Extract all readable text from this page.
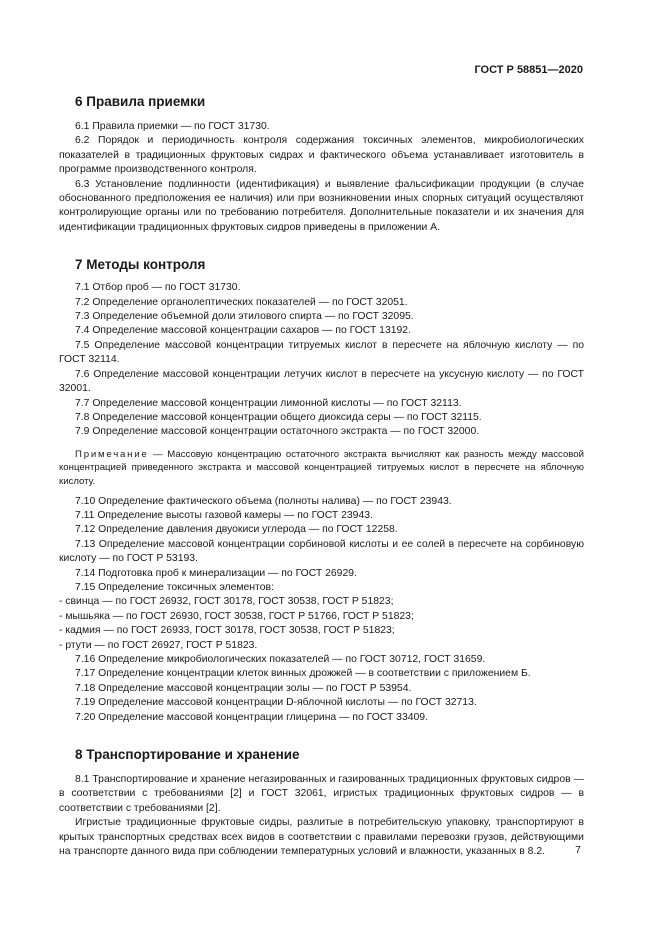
ГОСТ Р 58851—2020
6 Правила приемки

6.1 Правила приемки — по ГОСТ 31730.

6.2 Порядок и периодичность контроля содержания токсичных элементов, микробиологических показателей в традиционных фруктовых сидрах и фактического объема устанавливает изготовитель в программе производственного контроля.

6.3 Установление подлинности (идентификация) и выявление фальсификации продукции (в случае обоснованного предположения ее наличия) или при возникновении иных спорных ситуаций осуществляют контролирующие органы или по требованию потребителя. Дополнительные показатели и их значения для идентификации традиционных фруктовых сидров приведены в приложении А.

7 Методы контроля

7.1 Отбор проб — по ГОСТ 31730.

7.2 Определение органолептических показателей — по ГОСТ 32051.

7.3 Определение объемной доли этилового спирта — по ГОСТ 32095.

7.4 Определение массовой концентрации сахаров — по ГОСТ 13192.

7.5 Определение массовой концентрации титруемых кислот в пересчете на яблочную кислоту — по ГОСТ 32114.

7.6 Определение массовой концентрации летучих кислот в пересчете на уксусную кислоту — по ГОСТ 32001.

7.7 Определение массовой концентрации лимонной кислоты — по ГОСТ 32113.

7.8 Определение массовой концентрации общего диоксида серы — по ГОСТ 32115.

7.9 Определение массовой концентрации остаточного экстракта — по ГОСТ 32000.

Примечание — Массовую концентрацию остаточного экстракта вычисляют как разность между массовой концентрацией приведенного экстракта и массовой концентрацией титруемых кислот в пересчете на яблочную кислоту.

7.10 Определение фактического объема (полноты налива) — по ГОСТ 23943.

7.11 Определение высоты газовой камеры — по ГОСТ 23943.

7.12 Определение давления двуокиси углерода — по ГОСТ 12258.

7.13 Определение массовой концентрации сорбиновой кислоты и ее солей в пересчете на сорбиновую кислоту — по ГОСТ Р 53193.

7.14 Подготовка проб к минерализации — по ГОСТ 26929.

7.15 Определение токсичных элементов:

- свинца — по ГОСТ 26932, ГОСТ 30178, ГОСТ 30538, ГОСТ Р 51823;

- мышьяка — по ГОСТ 26930, ГОСТ 30538, ГОСТ Р 51766, ГОСТ Р 51823;

- кадмия — по ГОСТ 26933, ГОСТ 30178, ГОСТ 30538, ГОСТ Р 51823;

- ртути — по ГОСТ 26927, ГОСТ Р 51823.

7.16 Определение микробиологических показателей — по ГОСТ 30712, ГОСТ 31659.

7.17 Определение концентрации клеток винных дрожжей — в соответствии с приложением Б.

7.18 Определение массовой концентрации золы — по ГОСТ Р 53954.

7.19 Определение массовой концентрации D-яблочной кислоты — по ГОСТ 32713.

7.20 Определение массовой концентрации глицерина — по ГОСТ 33409.

8 Транспортирование и хранение

8.1 Транспортирование и хранение негазированных и газированных традиционных фруктовых сидров — в соответствии с требованиями [2] и ГОСТ 32061, игристых традиционных фруктовых сидров — в соответствии с требованиями [2].

Игристые традиционные фруктовые сидры, разлитые в потребительскую упаковку, транспортируют в крытых транспортных средствах всех видов в соответствии с правилами перевозки грузов, действующими на транспорте данного вида при соблюдении температурных условий и влажности, указанных в 8.2.	7
